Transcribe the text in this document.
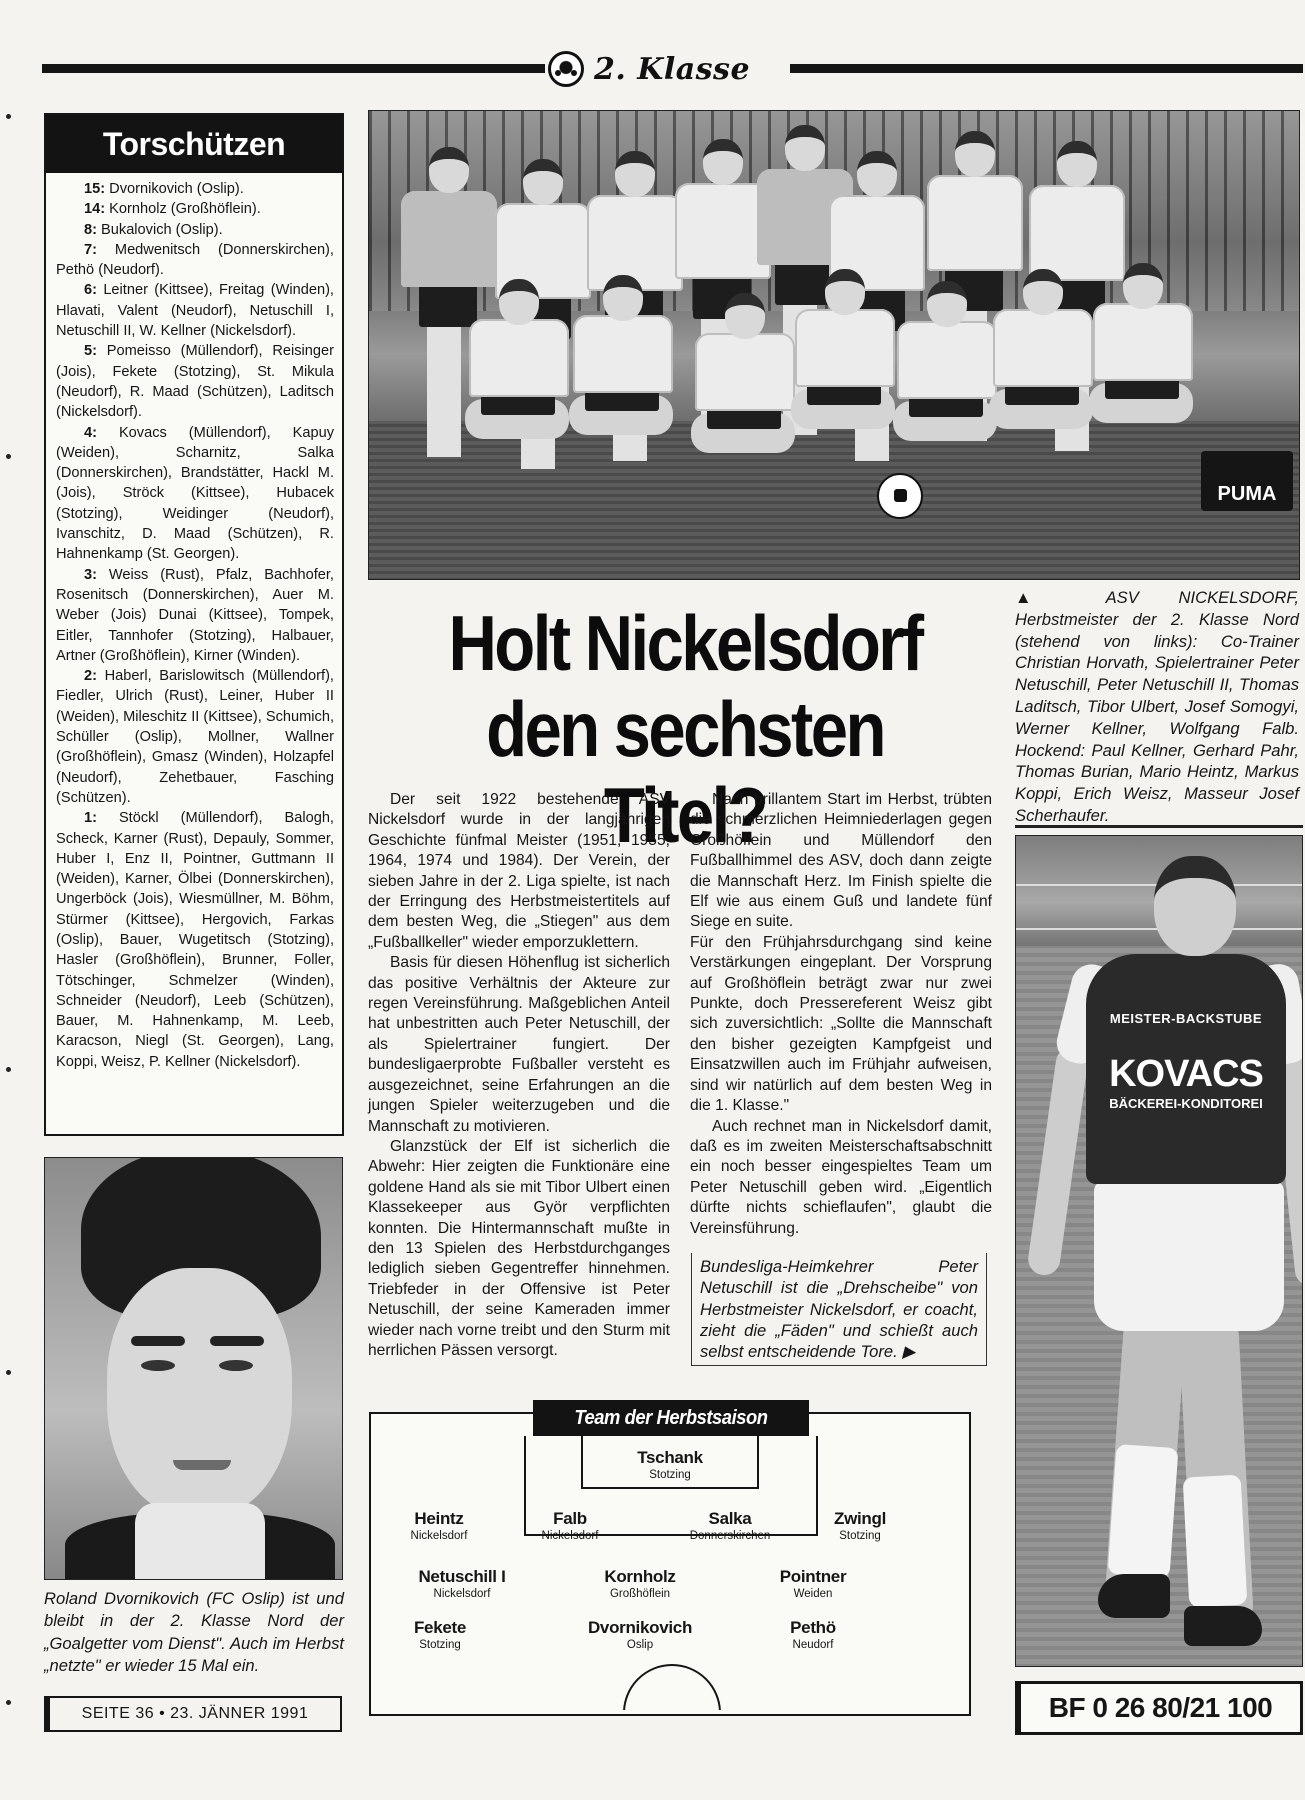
2. Klasse
Torschützen

15: Dvornikovich (Oslip).

14: Kornholz (Großhöflein).

8: Bukalovich (Oslip).

7: Medwenitsch (Donnerskirchen), Pethö (Neudorf).

6: Leitner (Kittsee), Freitag (Winden), Hlavati, Valent (Neudorf), Netuschill I, Netuschill II, W. Kellner (Nickelsdorf).

5: Pomeisso (Müllendorf), Reisinger (Jois), Fekete (Stotzing), St. Mikula (Neudorf), R. Maad (Schützen), Laditsch (Nickelsdorf).

4: Kovacs (Müllendorf), Kapuy (Weiden), Scharnitz, Salka (Donnerskirchen), Brandstätter, Hackl M. (Jois), Ströck (Kittsee), Hubacek (Stotzing), Weidinger (Neudorf), Ivanschitz, D. Maad (Schützen), R. Hahnenkamp (St. Georgen).

3: Weiss (Rust), Pfalz, Bachhofer, Rosenitsch (Donnerskirchen), Auer M. Weber (Jois) Dunai (Kittsee), Tompek, Eitler, Tannhofer (Stotzing), Halbauer, Artner (Großhöflein), Kirner (Winden).

2: Haberl, Barislowitsch (Müllendorf), Fiedler, Ulrich (Rust), Leiner, Huber II (Weiden), Mileschitz II (Kittsee), Schumich, Schüller (Oslip), Mollner, Wallner (Großhöflein), Gmasz (Winden), Holzapfel (Neudorf), Zehetbauer, Fasching (Schützen).

1: Stöckl (Müllendorf), Balogh, Scheck, Karner (Rust), Depauly, Sommer, Huber I, Enz II, Pointner, Guttmann II (Weiden), Karner, Ölbei (Donnerskirchen), Ungerböck (Jois), Wiesmüllner, M. Böhm, Stürmer (Kittsee), Hergovich, Farkas (Oslip), Bauer, Wugetitsch (Stotzing), Hasler (Großhöflein), Brunner, Foller, Tötschinger, Schmelzer (Winden), Schneider (Neudorf), Leeb (Schützen), Bauer, M. Hahnenkamp, M. Leeb, Karacson, Niegl (St. Georgen), Lang, Koppi, Weisz, P. Kellner (Nickelsdorf).

PUMA
▲ ASV NICKELSDORF, Herbstmeister der 2. Klasse Nord (stehend von links): Co-Trainer Christian Horvath, Spielertrainer Peter Netuschill, Peter Netuschill II, Thomas Laditsch, Tibor Ulbert, Josef Somogyi, Werner Kellner, Wolfgang Falb. Hockend: Paul Kellner, Gerhard Pahr, Thomas Burian, Mario Heintz, Markus Koppi, Erich Weisz, Masseur Josef Scherhaufer.
Holt Nickelsdorf
den sechsten Titel?

Der seit 1922 bestehende ASV Nickelsdorf wurde in der langjährigen Geschichte fünfmal Meister (1951, 1955, 1964, 1974 und 1984). Der Verein, der sieben Jahre in der 2. Liga spielte, ist nach der Erringung des Herbstmeistertitels auf dem besten Weg, die „Stiegen" aus dem „Fußballkeller" wieder emporzuklettern.

Basis für diesen Höhenflug ist sicherlich das positive Verhältnis der Akteure zur regen Vereinsführung. Maßgeblichen Anteil hat unbestritten auch Peter Netuschill, der als Spielertrainer fungiert. Der bundesligaerprobte Fußballer versteht es ausgezeichnet, seine Erfahrungen an die jungen Spieler weiterzugeben und die Mannschaft zu motivieren.

Glanzstück der Elf ist sicherlich die Abwehr: Hier zeigten die Funktionäre eine goldene Hand als sie mit Tibor Ulbert einen Klassekeeper aus Györ verpflichten konnten. Die Hintermannschaft mußte in den 13 Spielen des Herbstdurchganges lediglich sieben Gegentreffer hinnehmen. Triebfeder in der Offensive ist Peter Netuschill, der seine Kameraden immer wieder nach vorne treibt und den Sturm mit herrlichen Pässen versorgt.

Nach brillantem Start im Herbst, trübten die schmerzlichen Heimniederlagen gegen Großhöflein und Müllendorf den Fußballhimmel des ASV, doch dann zeigte die Mannschaft Herz. Im Finish spielte die Elf wie aus einem Guß und landete fünf Siege en suite.

Für den Frühjahrsdurchgang sind keine Verstärkungen eingeplant. Der Vorsprung auf Großhöflein beträgt zwar nur zwei Punkte, doch Pressereferent Weisz gibt sich zuversichtlich: „Sollte die Mannschaft den bisher gezeigten Kampfgeist und Einsatzwillen auch im Frühjahr aufweisen, sind wir natürlich auf dem besten Weg in die 1. Klasse."

Auch rechnet man in Nickelsdorf damit, daß es im zweiten Meisterschaftsabschnitt ein noch besser eingespieltes Team um Peter Netuschill geben wird. „Eigentlich dürfte nichts schieflaufen", glaubt die Vereinsführung.

Bundesliga-Heimkehrer Peter Netuschill ist die „Drehscheibe" von Herbstmeister Nickelsdorf, er coacht, zieht die „Fäden" und schießt auch selbst entscheidende Tore. ▶
Roland Dvornikovich (FC Oslip) ist und bleibt in der 2. Klasse Nord der „Goalgetter vom Dienst". Auch im Herbst „netzte" er wieder 15 Mal ein.
SEITE 36 • 23. JÄNNER 1991
Team der Herbstsaison
Tschank
Stotzing
Heintz
Nickelsdorf
Falb
Nickelsdorf
Salka
Donnerskirchen
Zwingl
Stotzing
Netuschill I
Nickelsdorf
Kornholz
Großhöflein
Pointner
Weiden
Fekete
Stotzing
Dvornikovich
Oslip
Pethö
Neudorf
MEISTER-BACKSTUBE
KOVACS
BÄCKEREI-KONDITOREI
BF 0 26 80/21 100
